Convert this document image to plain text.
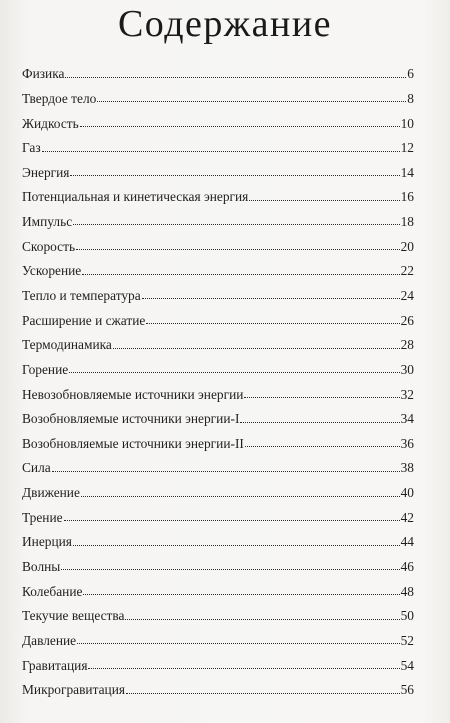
Содержание
Физика	6
Твердое тело	8
Жидкость	10
Газ	12
Энергия	14
Потенциальная и кинетическая энергия	16
Импульс	18
Скорость	20
Ускорение	22
Тепло и температура	24
Расширение и сжатие	26
Термодинамика	28
Горение	30
Невозобновляемые источники энергии	32
Возобновляемые источники энергии-I	34
Возобновляемые источники энергии-II	36
Сила	38
Движение	40
Трение	42
Инерция	44
Волны	46
Колебание	48
Текучие вещества	50
Давление	52
Гравитация	54
Микрогравитация	56
